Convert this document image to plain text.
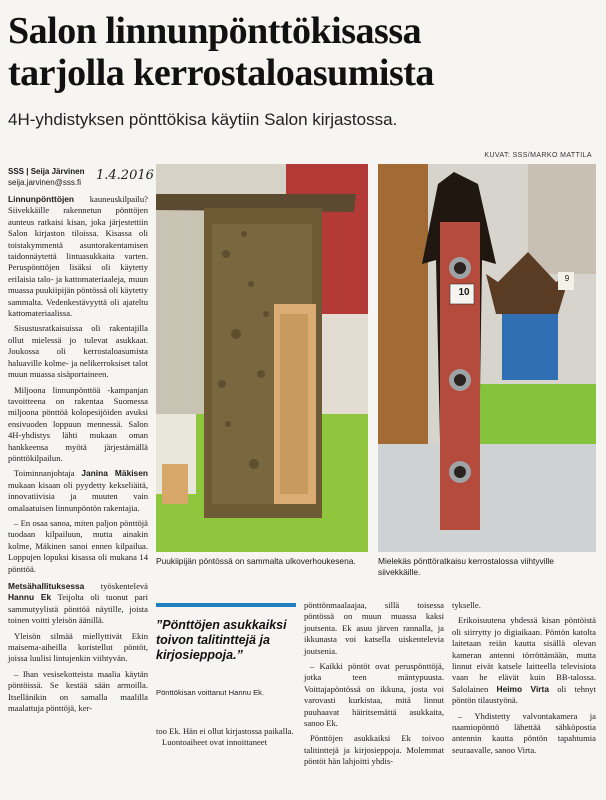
Salon linnunpönttökisassa
tarjolla kerrostaloasumista
4H-yhdistyksen pönttökisa käytiin Salon kirjastossa.
KUVAT: SSS/MARKO MATTILA
SSS | Seija Järvinen
seija.jarvinen@sss.fi	1.4.2016

Linnunpönttöjen kauneuskilpailu? Siivekkäille rakennetun pönttöjen aunteus ratkaisi kisan, joka järjestettiin Salon kirjaston tiloissa. Kisassa oli toistakymmentä asuntorakentamisen taidonnäytettä lintuasukkaita varten. Peruspönttöjen lisäksi oli käytetty erilaisia talo- ja kattomateriaaleja, muun muassa puukiipijän pöntössä oli käytetty sammalta. Vedenkestävyyttä oli ajateltu kattomateriaalissa.

Sisustusratkaisuissa oli rakentajilla ollut mielessä jo tulevat asukkaat. Joukossa oli kerrostaloasumista haluaville kolme- ja nelikerroksiset talot muun muassa sisäportaineen.

Miljoona linnunpönttöä -kampanjan tavoitteena on rakentaa Suomessa miljoona pönttöä kolopesijöiden avuksi ensivuoden loppuun mennessä. Salon 4H-yhdistys lähti mukaan oman hankkeensa myötä järjestämällä pönttökilpailun.

Toiminnanjohtaja Janina Mäkisen mukaan kisaan oli pyydetty kekseliäitä, innovatiivisia ja muuten vain omalaatuisen linnunpöntön rakentajia.

– En osaa sanoa, miten paljon pönttöjä tuodaan kilpailuun, mutta ainakin kolme, Mäkinen sanoi ennen kilpailua. Loppujen lopuksi kisassa oli mukana 14 pönttöä.

Metsähallituksessa työskentelevä Hannu Ek Teijolta oli tuonut pari sammutyylistä pönttöä näytille, joista toinen voitti yleisön äänillä.

Yleisön silmää miellyttivät Ekin maisema-aiheilla koristellut pöntöt, joissa luulisi lintujenkin viihtyvän.

– Ihan vesisekotteista maalia käytän pöntöissä. Se kestää sään armoilla. Itsellänikin on samalla maalilla maalattuja pönttöjä, ker-

Puukiipijän pöntössä on sammalta ulkoverhoukesena.
10
9
Mielekäs pönttöratkaisu kerrostalossa viihtyville siivekkäille.
”Pönttöjen asukkaiksi toivon talitinttejä ja kirjosieppoja.”
Pönttökisan voittanut Hannu Ek.

too Ek. Hän ei ollut kirjastossa paikalla.

Luontoaiheet ovat innoittaneet

pönttönmaalaajaa, sillä toisessa pöntössä on muun muassa kaksi joutsenta. Ek asuu järven rannalla, ja ikkunasta voi katsella uiskentelevia joutsenia.

– Kaikki pöntöt ovat peruspönttöjä, jotka teen mäntypuusta. Voittajapöntössä on ikkuna, josta voi varovasti kurkistaa, mitä linnut puuhaavat häiritsemättä asukkaita, sanoo Ek.

Pönttöjen asukkaiksi Ek toivoo talitinttejä ja kirjosieppoja. Molemmat pöntöt hän lahjoitti yhdis-

tykselle.

Erikoisuutena yhdessä kisan pöntöistä oli siirrytty jo digiaikaan. Pöntön katolta laitetaan reiän kautta sisällä olevan kameran antenni törröttämään, mutta linnut eivät katsele laitteella televisiota vaan he elävät kuin BB-talossa. Salolainen Heimo Virta oli tehnyt pöntön tilaustyönä.

– Yhdistetty valvontakamera ja naamiopönttö lähettää sähköpostia antennin kautta pöntön tapahtumia seuraavalle, sanoo Virta.
